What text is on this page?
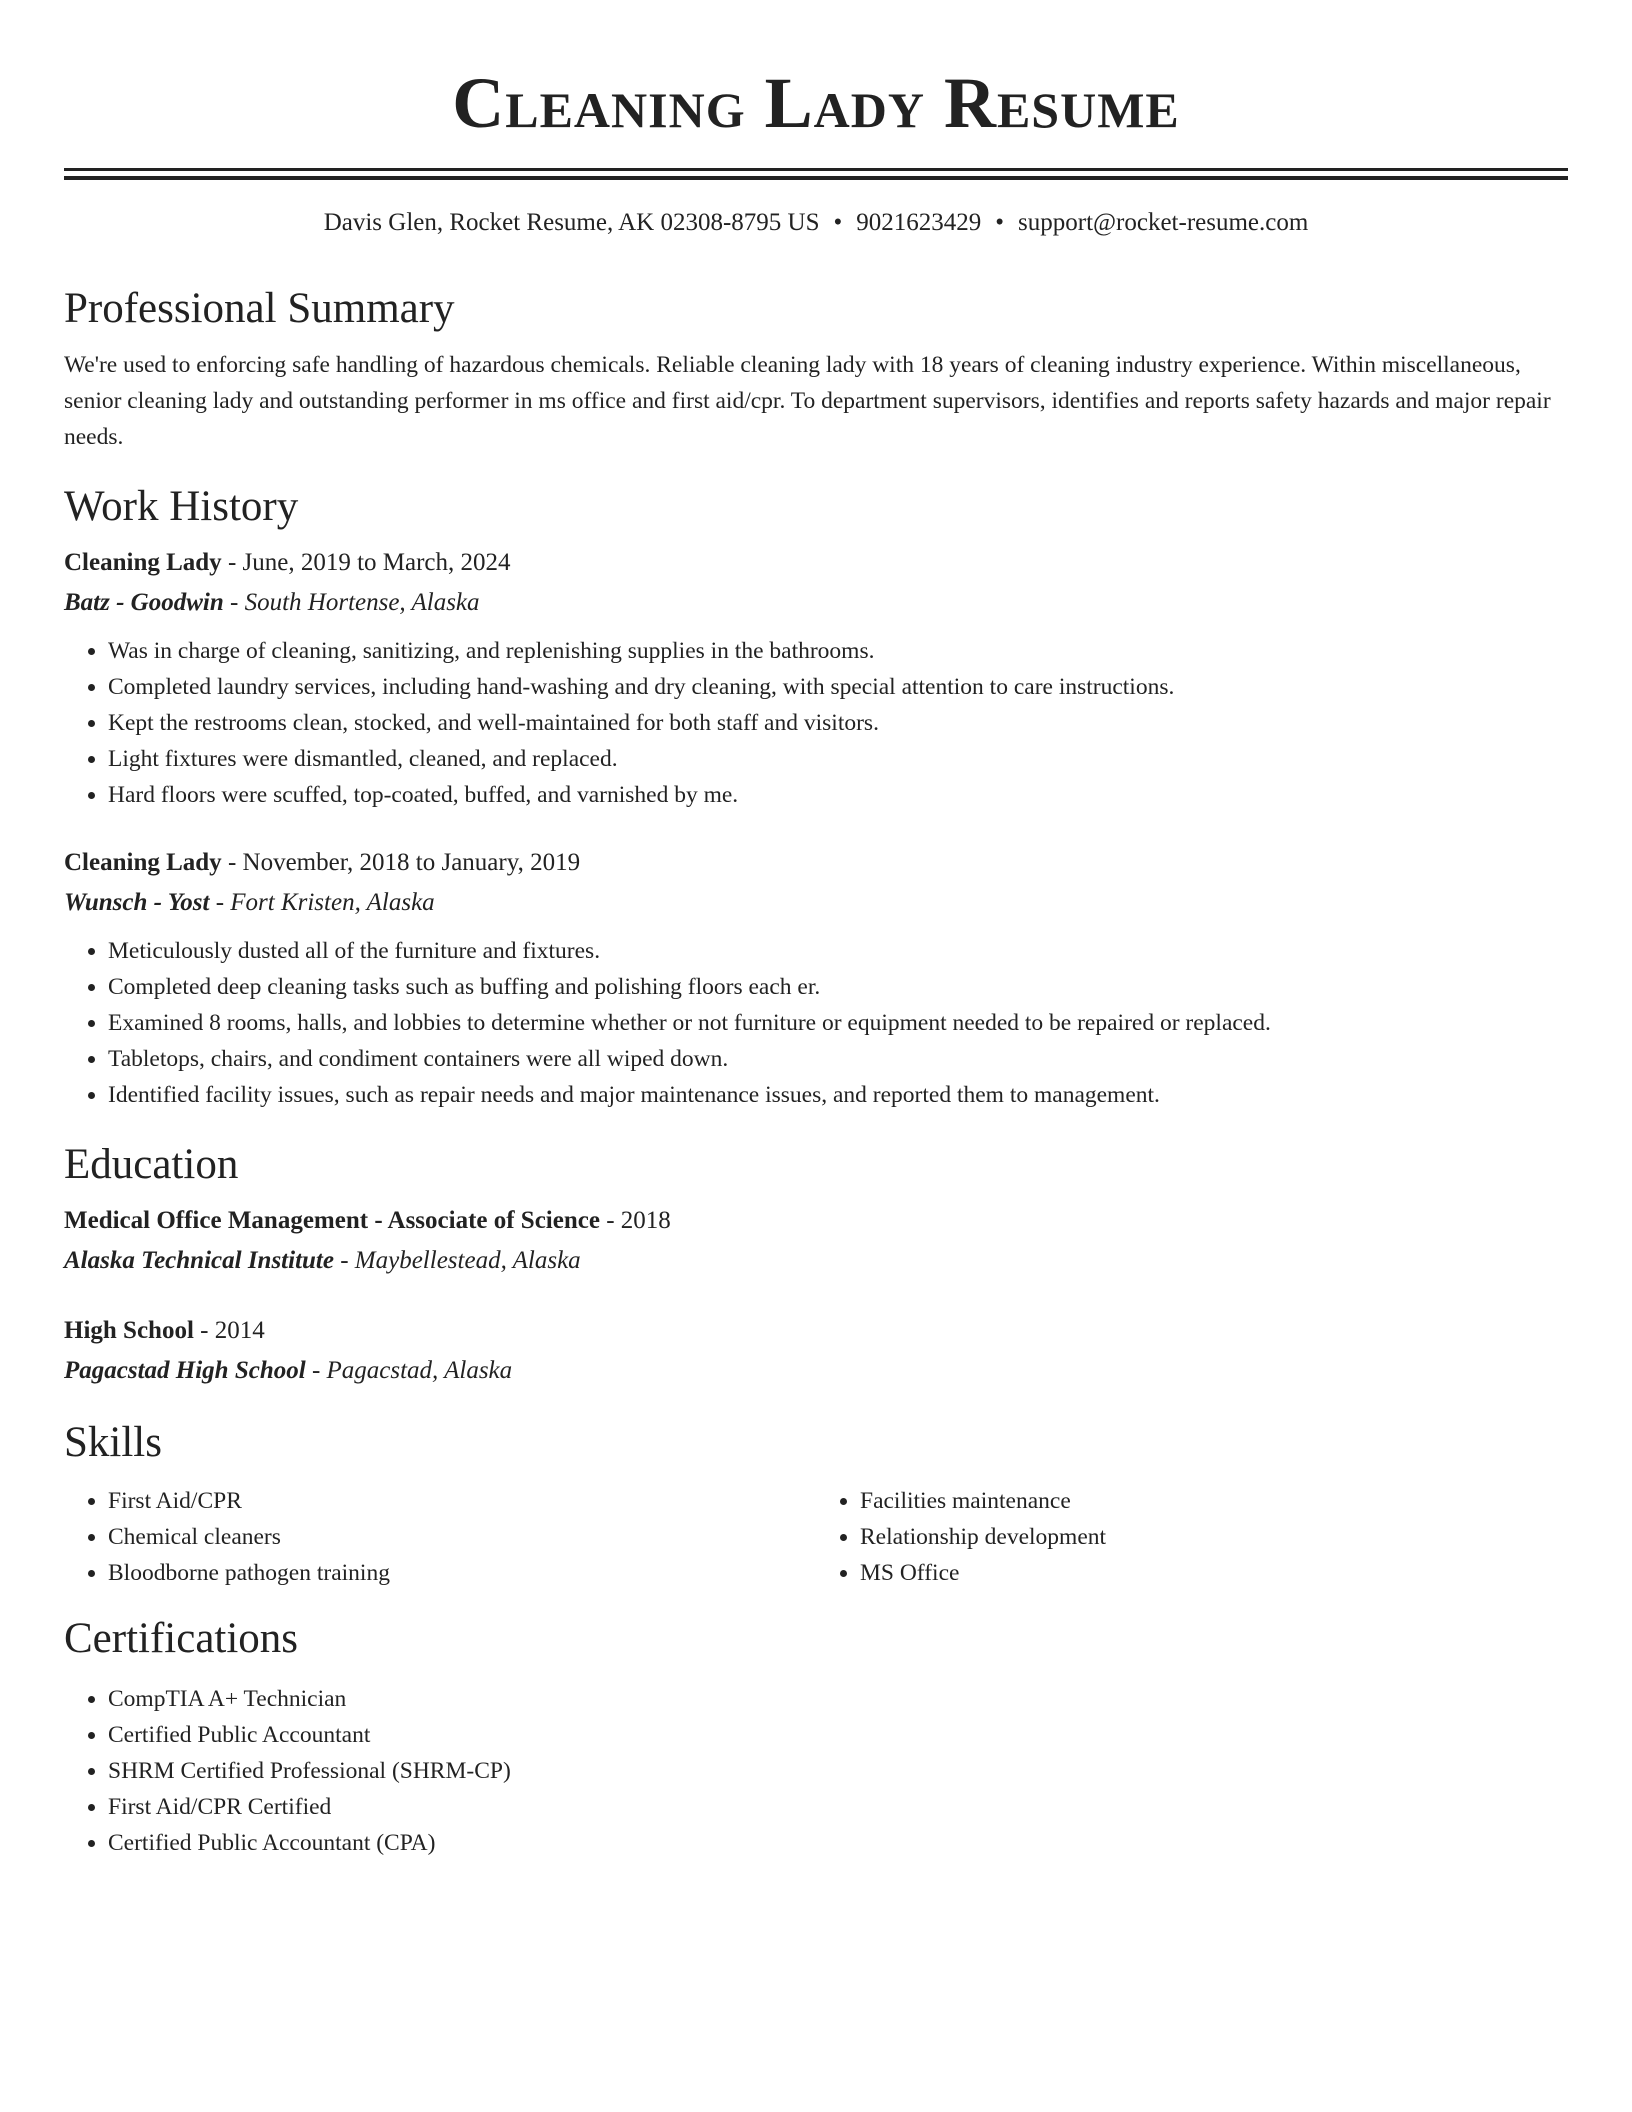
Cleaning Lady Resume
Davis Glen, Rocket Resume, AK 02308-8795 US • 9021623429 • support@rocket-resume.com
Professional Summary

We're used to enforcing safe handling of hazardous chemicals. Reliable cleaning lady with 18 years of cleaning industry experience. Within miscellaneous, senior cleaning lady and outstanding performer in ms office and first aid/cpr. To department supervisors, identifies and reports safety hazards and major repair needs.

Work History
Cleaning Lady - June, 2019 to March, 2024
Batz - Goodwin - South Hortense, Alaska
• Was in charge of cleaning, sanitizing, and replenishing supplies in the bathrooms.
• Completed laundry services, including hand-washing and dry cleaning, with special attention to care instructions.
• Kept the restrooms clean, stocked, and well-maintained for both staff and visitors.
• Light fixtures were dismantled, cleaned, and replaced.
• Hard floors were scuffed, top-coated, buffed, and varnished by me.
Cleaning Lady - November, 2018 to January, 2019
Wunsch - Yost - Fort Kristen, Alaska
• Meticulously dusted all of the furniture and fixtures.
• Completed deep cleaning tasks such as buffing and polishing floors each er.
• Examined 8 rooms, halls, and lobbies to determine whether or not furniture or equipment needed to be repaired or replaced.
• Tabletops, chairs, and condiment containers were all wiped down.
• Identified facility issues, such as repair needs and major maintenance issues, and reported them to management.
Education
Medical Office Management - Associate of Science - 2018
Alaska Technical Institute - Maybellestead, Alaska
High School - 2014
Pagacstad High School - Pagacstad, Alaska
Skills
• First Aid/CPR
• Chemical cleaners
• Bloodborne pathogen training
• Facilities maintenance
• Relationship development
• MS Office
Certifications
• CompTIA A+ Technician
• Certified Public Accountant
• SHRM Certified Professional (SHRM-CP)
• First Aid/CPR Certified
• Certified Public Accountant (CPA)
